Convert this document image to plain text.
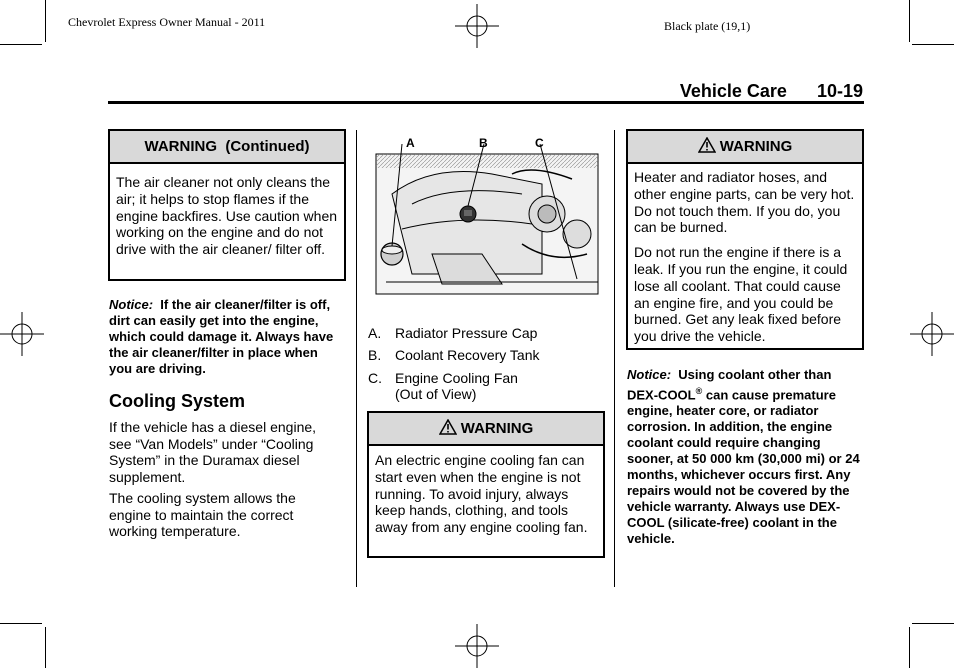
Chevrolet Express Owner Manual - 2011	Black plate (19,1)
Vehicle Care 10-19
WARNING  (Continued)
The air cleaner not only cleans the air; it helps to stop flames if the engine backfires. Use caution when working on the engine and do not drive with the air cleaner/ filter off.
Notice: If the air cleaner/filter is off, dirt can easily get into the engine, which could damage it. Always have the air cleaner/filter in place when you are driving.
Cooling System
If the vehicle has a diesel engine, see “Van Models” under “Cooling System” in the Duramax diesel supplement.
The cooling system allows the engine to maintain the correct working temperature.
A	B	C
A. Radiator Pressure Cap
B. Coolant Recovery Tank
C. Engine Cooling Fan
(Out of View)
WARNING
An electric engine cooling fan can start even when the engine is not running. To avoid injury, always keep hands, clothing, and tools away from any engine cooling fan.
WARNING

Heater and radiator hoses, and other engine parts, can be very hot. Do not touch them. If you do, you can be burned.

Do not run the engine if there is a leak. If you run the engine, it could lose all coolant. That could cause an engine fire, and you could be burned. Get any leak fixed before you drive the vehicle.

Notice: Using coolant other than DEX-COOL® can cause premature engine, heater core, or radiator corrosion. In addition, the engine coolant could require changing sooner, at 50 000 km (30,000 mi) or 24 months, whichever occurs first. Any repairs would not be covered by the vehicle warranty. Always use DEX-COOL (silicate-free) coolant in the vehicle.
